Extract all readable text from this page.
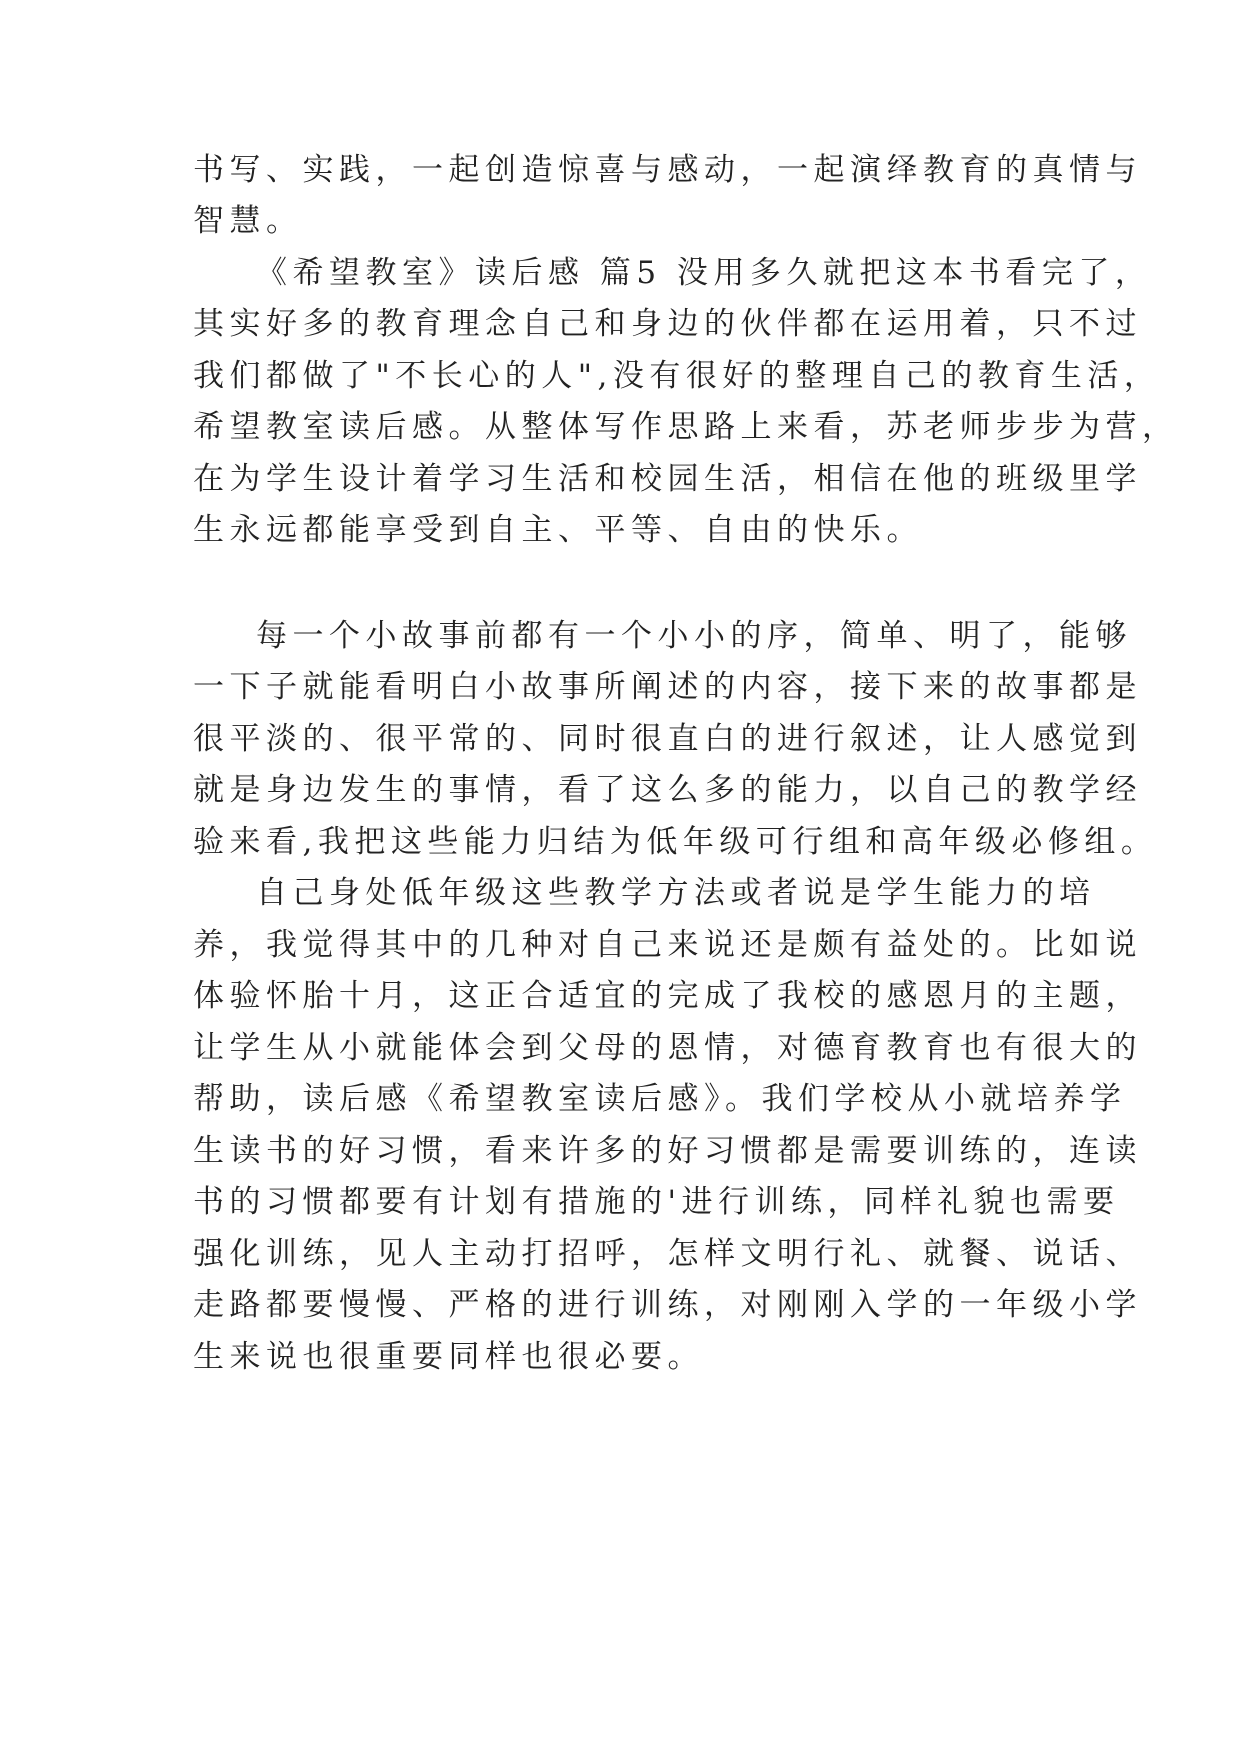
书写、实践，一起创造惊喜与感动，一起演绎教育的真情与

智慧。

《希望教室》读后感 篇5 没用多久就把这本书看完了，

其实好多的教育理念自己和身边的伙伴都在运用着，只不过

我们都做了"不长心的人",没有很好的整理自己的教育生活，

希望教室读后感。从整体写作思路上来看，苏老师步步为营，

在为学生设计着学习生活和校园生活，相信在他的班级里学

生永远都能享受到自主、平等、自由的快乐。

每一个小故事前都有一个小小的序，简单、明了，能够

一下子就能看明白小故事所阐述的内容，接下来的故事都是

很平淡的、很平常的、同时很直白的进行叙述，让人感觉到

就是身边发生的事情，看了这么多的能力，以自己的教学经

验来看,我把这些能力归结为低年级可行组和高年级必修组。

自己身处低年级这些教学方法或者说是学生能力的培

养，我觉得其中的几种对自己来说还是颇有益处的。比如说

体验怀胎十月，这正合适宜的完成了我校的感恩月的主题，

让学生从小就能体会到父母的恩情，对德育教育也有很大的

帮助，读后感《希望教室读后感》。我们学校从小就培养学

生读书的好习惯，看来许多的好习惯都是需要训练的，连读

书的习惯都要有计划有措施的'进行训练，同样礼貌也需要

强化训练，见人主动打招呼，怎样文明行礼、就餐、说话、

走路都要慢慢、严格的进行训练，对刚刚入学的一年级小学

生来说也很重要同样也很必要。
